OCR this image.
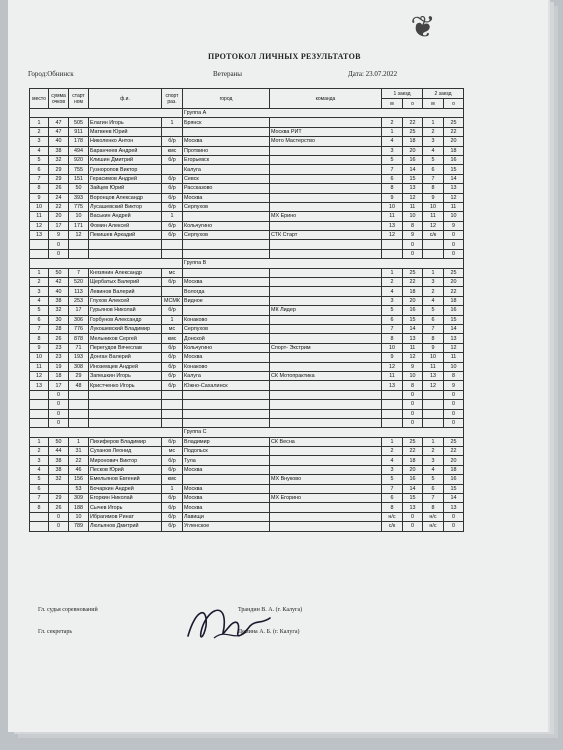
❦
ПРОТОКОЛ ЛИЧНЫХ РЕЗУЛЬТАТОВ
Город:Обнинск	Ветераны	Дата: 23.07.2022
место	сумма очков	старт ном	ф.и.	спорт раз.	город	команда	1 заезд		2 заезд	
							м	о	м	о
					Группа А					
1	47	505	Елагин Игорь	1	Брянск		2	22	1	25
2	47	911	Матвеев Юрий			Москва РИТ	1	25	2	22
3	40	178	Николенко Антон	б/р	Москва	Мото Мастерство	4	18	3	20
4	38	494	Баранчеев Андрей	кмс	Протвино		3	20	4	18
5	32	920	Клишин Дмитрий	б/р	Егорьевск		5	16	5	16
6	29	755	Гузноропов Виктор		Калуга		7	14	6	15
7	29	151	Герасимов Андрей	б/р	Севск		6	15	7	14
8	26	50	Зайцев Юрий	б/р	Рассказово		8	13	8	13
9	24	393	Воронцов Александр	б/р	Москва		9	12	9	12
10	22	775	Лусашевский Виктор	б/р	Серпухов		10	11	10	11
11	20	10	Васькин Андрей	1		МХ Ерино	11	10	11	10
12	17	171	Фомин Алексей	б/р	Кольчугино		13	8	12	9
13	9	12	Пекишев Аркадий	б/р	Серпухов	СТК Старт	12	9	с/к	0
	0							0		0
	0							0		0
					Группа В					
1	50	7	Князянин Александр	мс			1	25	1	25
2	42	520	Щербатых Валерий	б/р	Москва		2	22	3	20
3	40	113	Левинов Валерий		Вологда		4	18	2	22
4	38	253	Глухов Алексей	МСМК	Видное		3	20	4	18
5	32	17	Гурьянов Николай	б/р		МК Лидер	5	16	5	16
6	30	306	Горбунов Александр	1	Конаково		6	15	6	15
7	28	776	Лукошевский Владимир	мс	Серпухов		7	14	7	14
8	26	878	Мельников Сергей	кмс	Донской		8	13	8	13
9	23	71	Перегудов Вячеслав	б/р	Кольчугино	Спорт- Экстрим	10	11	9	12
10	23	193	Донган Валерий	б/р	Москва		9	12	10	11
11	19	308	Иноземцев Андрей	б/р	Конаково		12	9	11	10
12	18	29	Запешкин Игорь	б/р	Калуга	СК Мотопрактика	11	10	13	8
13	17	48	Кристченко Игорь	б/р	Южно-Сахалинск		13	8	12	9
	0							0		0
	0							0		0
	0							0		0
	0							0		0
					Группа С					
1	50	1	Пихиферов Владимир	б/р	Владимир	СК Весна	1	25	1	25
2	44	31	Суханов Леонид	мс	Подольск		2	22	2	22
3	38	22	Миронович Виктор	б/р	Тула		4	18	3	20
4	38	46	Песков Юрий	б/р	Москва		3	20	4	18
5	32	156	Емельянов Евгений	кмс		МХ Внуково	5	16	5	16
6		53	Бочаркин Андрей	1	Москва		7	14	6	15
7	29	309	Егоркин Николай	б/р	Москва	МХ Егорино	6	15	7	14
8	26	188	Сычев Игорь	б/р	Москва		8	13	8	13
	0	10	Ибрагимов Ринат	б/р	Лавищи		н/с	0	н/с	0
	0	789	Люльянов Дмитрий	б/р	Угленское		с/к	0	н/с	0
Гл. судья соревнований	Трандин В. А. (г. Калуга)
Гл. секретарь	Демина А. Б. (г. Калуга)
